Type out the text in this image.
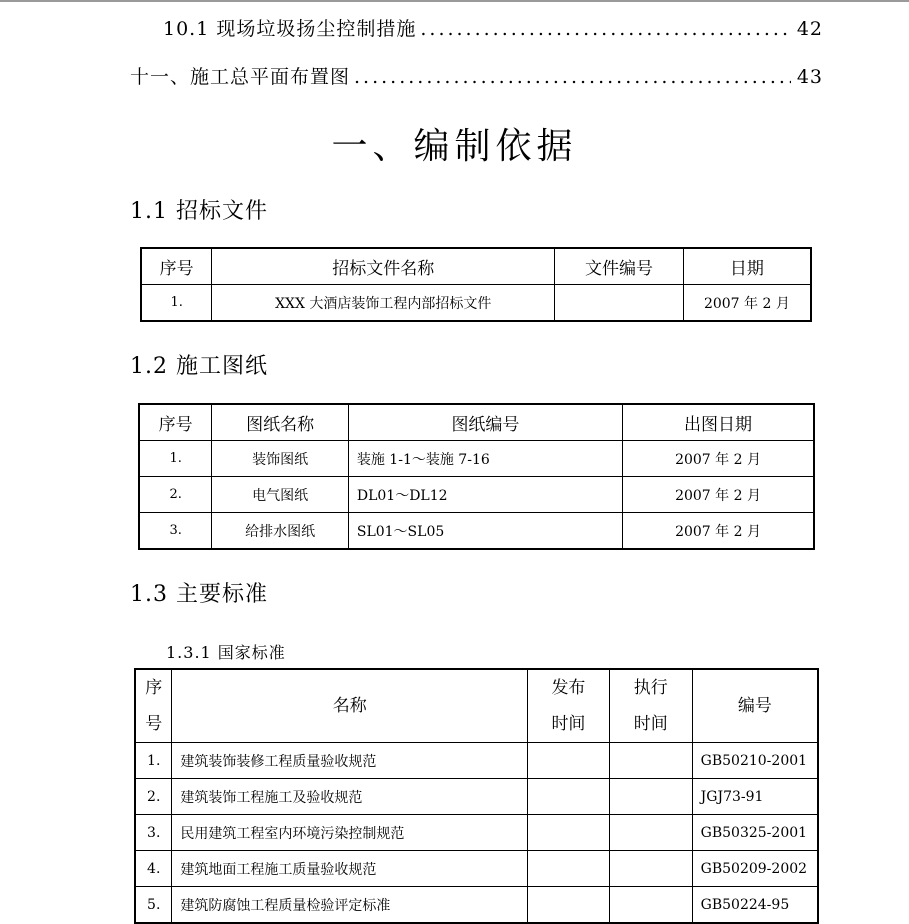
10.1 现场垃圾扬尘控制措施 .....	42
十一、施工总平面布置图 .....	43
一、编制依据
1.1 招标文件
序号	招标文件名称	文件编号	日期
1.	XXX 大酒店装饰工程内部招标文件		2007 年 2 月
1.2 施工图纸
序号	图纸名称	图纸编号	出图日期
1.	装饰图纸	装施 1-1～装施 7-16	2007 年 2 月
2.	电气图纸	DL01～DL12	2007 年 2 月
3.	给排水图纸	SL01～SL05	2007 年 2 月
1.3 主要标准
1.3.1 国家标准
序号	名称	发布时间	执行时间	编号
1.	建筑装饰装修工程质量验收规范			GB50210-2001
2.	建筑装饰工程施工及验收规范			JGJ73-91
3.	民用建筑工程室内环境污染控制规范			GB50325-2001
4.	建筑地面工程施工质量验收规范			GB50209-2002
5.	建筑防腐蚀工程质量检验评定标准			GB50224-95
